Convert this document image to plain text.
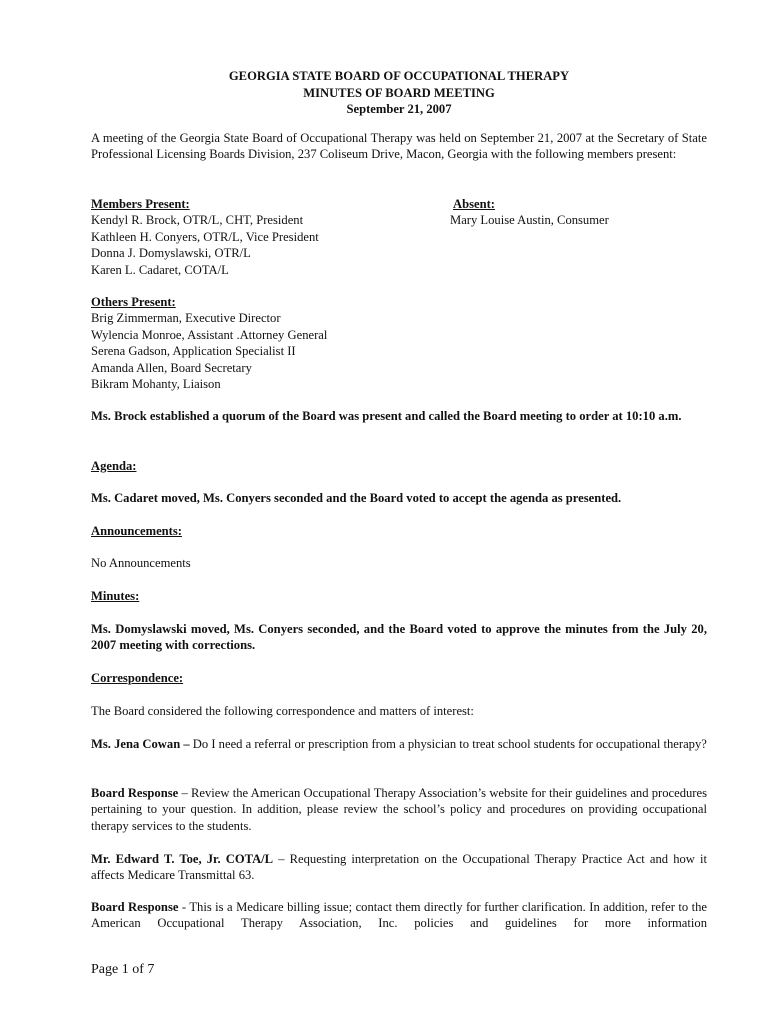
GEORGIA STATE BOARD OF OCCUPATIONAL THERAPY
MINUTES OF BOARD MEETING
September 21, 2007
A meeting of the Georgia State Board of Occupational Therapy was held on September 21, 2007 at the Secretary of State Professional Licensing Boards Division, 237 Coliseum Drive, Macon, Georgia with the following members present:
Members Present:
Kendyl R. Brock, OTR/L, CHT, President
Kathleen H. Conyers, OTR/L, Vice President
Donna J. Domyslawski, OTR/L
Karen L. Cadaret, COTA/L
Absent:
Mary Louise Austin, Consumer
Others Present:
Brig Zimmerman, Executive Director
Wylencia Monroe, Assistant .Attorney General
Serena Gadson, Application Specialist II
Amanda Allen, Board Secretary
Bikram Mohanty, Liaison
Ms. Brock established a quorum of the Board was present and called the Board meeting to order at 10:10 a.m.
Agenda:
Ms. Cadaret moved, Ms. Conyers seconded and the Board voted to accept the agenda as presented.
Announcements:
No Announcements
Minutes:
Ms. Domyslawski moved, Ms. Conyers seconded, and the Board voted to approve the minutes from the July 20, 2007 meeting with corrections.
Correspondence:
The Board considered the following correspondence and matters of interest:
Ms. Jena Cowan – Do I need a referral or prescription from a physician to treat school students for occupational therapy?
Board Response – Review the American Occupational Therapy Association’s website for their guidelines and procedures pertaining to your question. In addition, please review the school’s policy and procedures on providing occupational therapy services to the students.
Mr. Edward T. Toe, Jr. COTA/L – Requesting interpretation on the Occupational Therapy Practice Act and how it affects Medicare Transmittal 63.
Board Response - This is a Medicare billing issue; contact them directly for further clarification. In addition, refer to the American Occupational Therapy Association, Inc. policies and guidelines for more information
Page 1 of 7
